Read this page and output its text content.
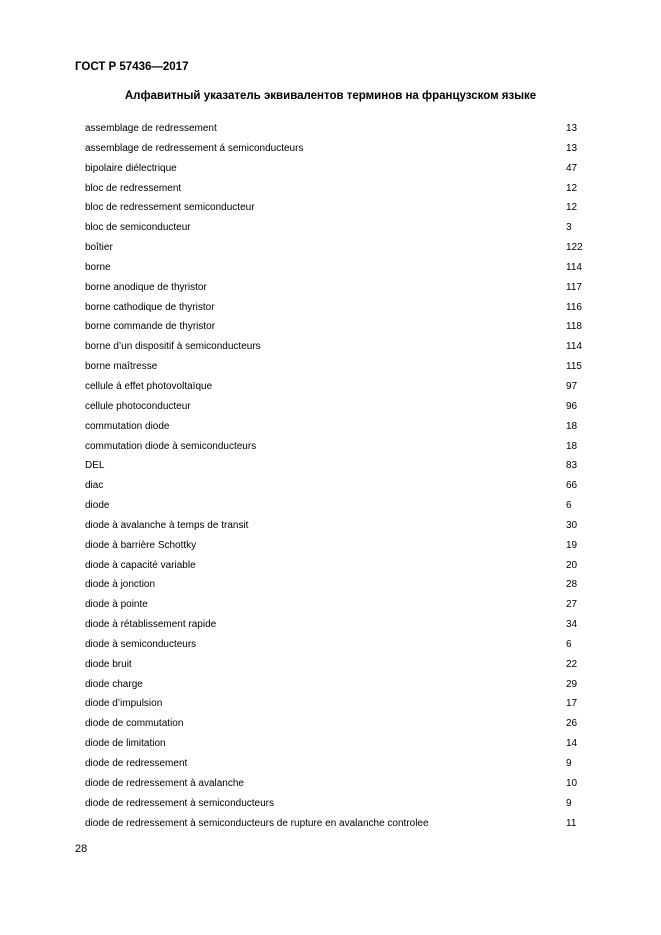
ГОСТ Р 57436—2017
Алфавитный указатель эквивалентов терминов на французском языке
assemblage de redressement	13
assemblage de redressement á semiconducteurs	13
bipolaire diélectrique	47
bloc de redressement	12
bloc de redressement semiconducteur	12
bloc de semiconducteur	3
boîtier	122
borne	114
borne anodique de thyristor	117
borne cathodique de thyristor	116
borne commande de thyristor	118
borne d’un dispositif à semiconducteurs	114
borne maîtresse	115
cellule á effet photovoltaïque	97
cellule photoconducteur	96
commutation diode	18
commutation diode à semiconducteurs	18
DEL	83
diac	66
diode	6
diode à avalanche à temps de transit	30
diode à barrière Schottky	19
diode à capacité variable	20
diode à jonction	28
diode à pointe	27
diode à rétablissement rapide	34
diode à semiconducteurs	6
diode bruit	22
diode charge	29
diode d’impulsion	17
diode de commutation	26
diode de limitation	14
diode de redressement	9
diode de redressement à avalanche	10
diode de redressement à semiconducteurs	9
diode de redressement à semiconducteurs de rupture en avalanche controlee	11
28
